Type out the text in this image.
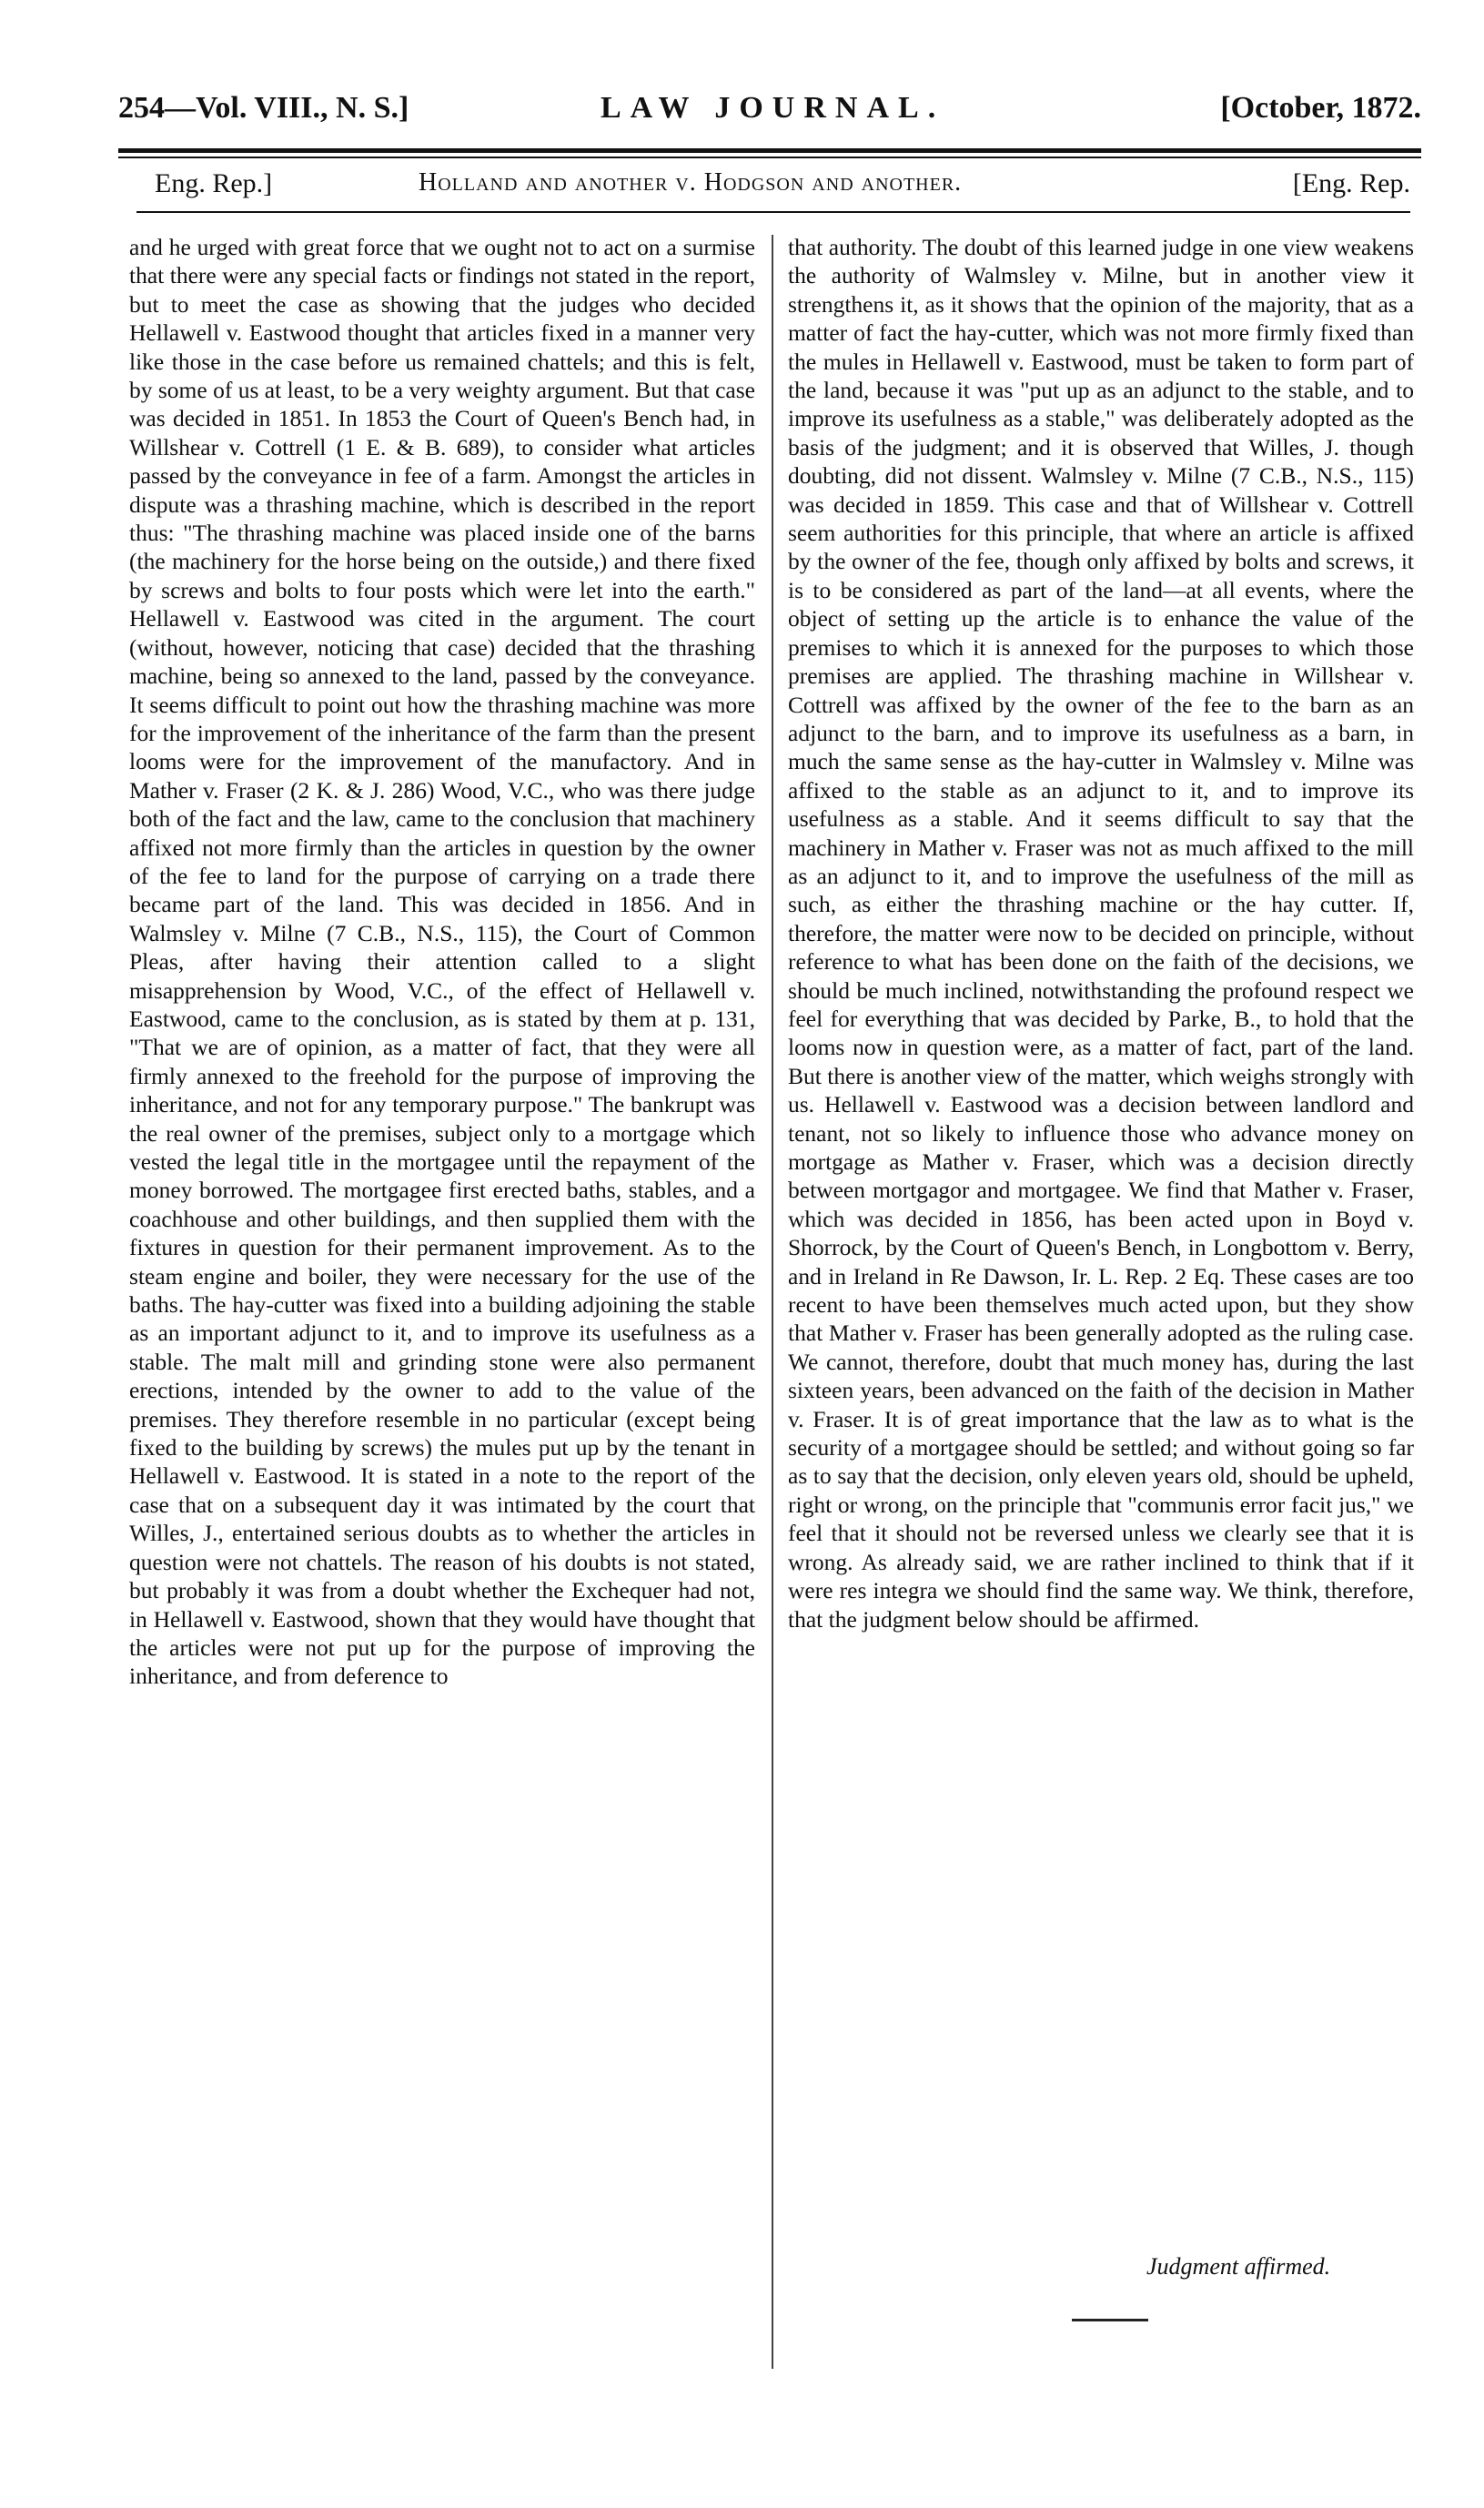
254—Vol. VIII., N. S.]	LAW JOURNAL.	[October, 1872.
Eng. Rep.]	Holland and another v. Hodgson and another.	[Eng. Rep.

and he urged with great force that we ought not to act on a surmise that there were any special facts or findings not stated in the report, but to meet the case as showing that the judges who decided Hellawell v. Eastwood thought that articles fixed in a manner very like those in the case before us remained chattels; and this is felt, by some of us at least, to be a very weighty argument. But that case was decided in 1851. In 1853 the Court of Queen's Bench had, in Willshear v. Cottrell (1 E. & B. 689), to consider what articles passed by the conveyance in fee of a farm. Amongst the articles in dispute was a thrashing machine, which is described in the report thus: "The thrashing machine was placed inside one of the barns (the machinery for the horse being on the outside,) and there fixed by screws and bolts to four posts which were let into the earth." Hellawell v. Eastwood was cited in the argument. The court (without, however, noticing that case) decided that the thrashing machine, being so annexed to the land, passed by the conveyance. It seems difficult to point out how the thrashing machine was more for the improvement of the inheritance of the farm than the present looms were for the improvement of the manufactory. And in Mather v. Fraser (2 K. & J. 286) Wood, V.C., who was there judge both of the fact and the law, came to the conclusion that machinery affixed not more firmly than the articles in question by the owner of the fee to land for the purpose of carrying on a trade there became part of the land. This was decided in 1856. And in Walmsley v. Milne (7 C.B., N.S., 115), the Court of Common Pleas, after having their attention called to a slight misapprehension by Wood, V.C., of the effect of Hellawell v. Eastwood, came to the conclusion, as is stated by them at p. 131, "That we are of opinion, as a matter of fact, that they were all firmly annexed to the freehold for the purpose of improving the inheritance, and not for any temporary purpose." The bankrupt was the real owner of the premises, subject only to a mortgage which vested the legal title in the mortgagee until the repayment of the money borrowed. The mortgagee first erected baths, stables, and a coachhouse and other buildings, and then supplied them with the fixtures in question for their permanent improvement. As to the steam engine and boiler, they were necessary for the use of the baths. The hay-cutter was fixed into a building adjoining the stable as an important adjunct to it, and to improve its usefulness as a stable. The malt mill and grinding stone were also permanent erections, intended by the owner to add to the value of the premises. They therefore resemble in no particular (except being fixed to the building by screws) the mules put up by the tenant in Hellawell v. Eastwood. It is stated in a note to the report of the case that on a subsequent day it was intimated by the court that Willes, J., entertained serious doubts as to whether the articles in question were not chattels. The reason of his doubts is not stated, but probably it was from a doubt whether the Exchequer had not, in Hellawell v. Eastwood, shown that they would have thought that the articles were not put up for the purpose of improving the inheritance, and from deference to

that authority. The doubt of this learned judge in one view weakens the authority of Walmsley v. Milne, but in another view it strengthens it, as it shows that the opinion of the majority, that as a matter of fact the hay-cutter, which was not more firmly fixed than the mules in Hellawell v. Eastwood, must be taken to form part of the land, because it was "put up as an adjunct to the stable, and to improve its usefulness as a stable," was deliberately adopted as the basis of the judgment; and it is observed that Willes, J. though doubting, did not dissent. Walmsley v. Milne (7 C.B., N.S., 115) was decided in 1859. This case and that of Willshear v. Cottrell seem authorities for this principle, that where an article is affixed by the owner of the fee, though only affixed by bolts and screws, it is to be considered as part of the land—at all events, where the object of setting up the article is to enhance the value of the premises to which it is annexed for the purposes to which those premises are applied. The thrashing machine in Willshear v. Cottrell was affixed by the owner of the fee to the barn as an adjunct to the barn, and to improve its usefulness as a barn, in much the same sense as the hay-cutter in Walmsley v. Milne was affixed to the stable as an adjunct to it, and to improve its usefulness as a stable. And it seems difficult to say that the machinery in Mather v. Fraser was not as much affixed to the mill as an adjunct to it, and to improve the usefulness of the mill as such, as either the thrashing machine or the hay cutter. If, therefore, the matter were now to be decided on principle, without reference to what has been done on the faith of the decisions, we should be much inclined, notwithstanding the profound respect we feel for everything that was decided by Parke, B., to hold that the looms now in question were, as a matter of fact, part of the land. But there is another view of the matter, which weighs strongly with us. Hellawell v. Eastwood was a decision between landlord and tenant, not so likely to influence those who advance money on mortgage as Mather v. Fraser, which was a decision directly between mortgagor and mortgagee. We find that Mather v. Fraser, which was decided in 1856, has been acted upon in Boyd v. Shorrock, by the Court of Queen's Bench, in Longbottom v. Berry, and in Ireland in Re Dawson, Ir. L. Rep. 2 Eq. These cases are too recent to have been themselves much acted upon, but they show that Mather v. Fraser has been generally adopted as the ruling case. We cannot, therefore, doubt that much money has, during the last sixteen years, been advanced on the faith of the decision in Mather v. Fraser. It is of great importance that the law as to what is the security of a mortgagee should be settled; and without going so far as to say that the decision, only eleven years old, should be upheld, right or wrong, on the principle that "communis error facit jus," we feel that it should not be reversed unless we clearly see that it is wrong. As already said, we are rather inclined to think that if it were res integra we should find the same way. We think, therefore, that the judgment below should be affirmed.

Judgment affirmed.
